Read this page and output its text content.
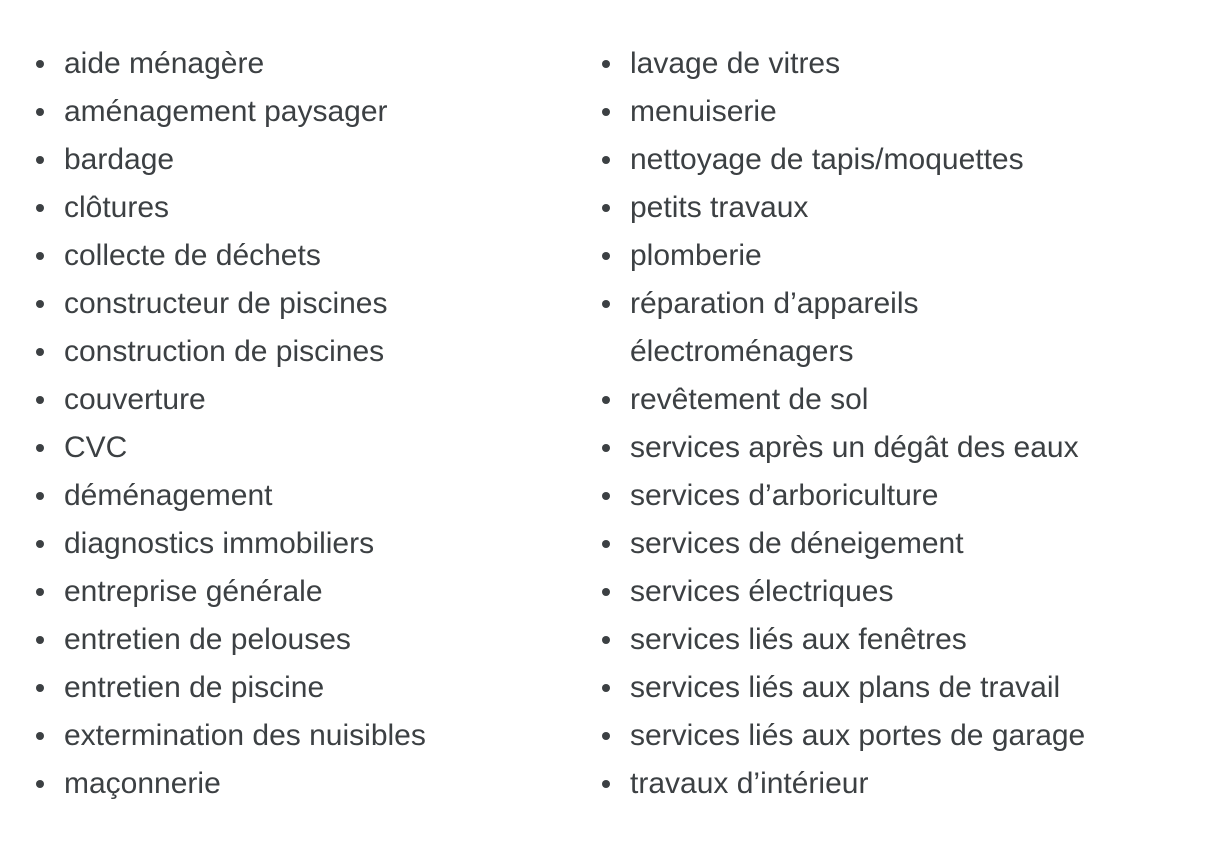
aide ménagère
aménagement paysager
bardage
clôtures
collecte de déchets
constructeur de piscines
construction de piscines
couverture
CVC
déménagement
diagnostics immobiliers
entreprise générale
entretien de pelouses
entretien de piscine
extermination des nuisibles
maçonnerie
lavage de vitres
menuiserie
nettoyage de tapis/moquettes
petits travaux
plomberie
réparation d’appareils électroménagers
revêtement de sol
services après un dégât des eaux
services d’arboriculture
services de déneigement
services électriques
services liés aux fenêtres
services liés aux plans de travail
services liés aux portes de garage
travaux d’intérieur
